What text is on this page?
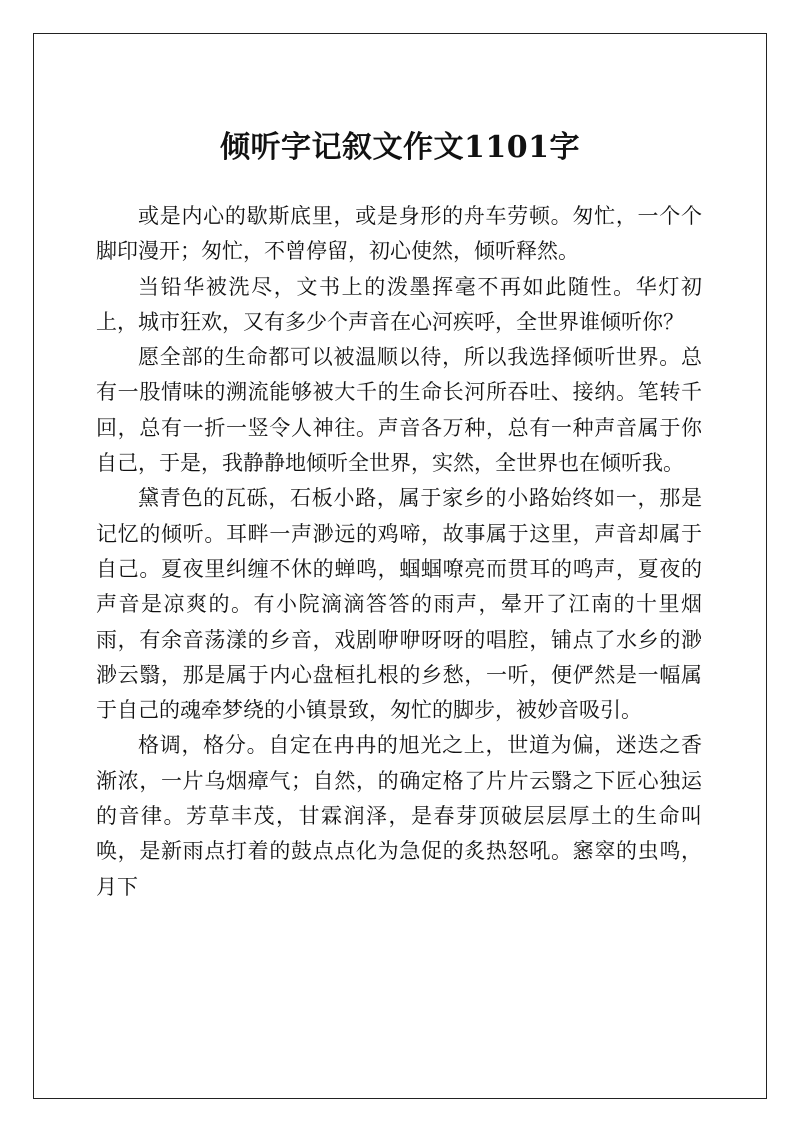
倾听字记叙文作文1101字

或是内心的歇斯底里，或是身形的舟车劳顿。匆忙，一个个脚印漫开；匆忙，不曾停留，初心使然，倾听释然。

当铅华被洗尽，文书上的泼墨挥毫不再如此随性。华灯初上，城市狂欢，又有多少个声音在心河疾呼，全世界谁倾听你？

愿全部的生命都可以被温顺以待，所以我选择倾听世界。总有一股情味的溯流能够被大千的生命长河所吞吐、接纳。笔转千回，总有一折一竖令人神往。声音各万种，总有一种声音属于你自己，于是，我静静地倾听全世界，实然，全世界也在倾听我。

黛青色的瓦砾，石板小路，属于家乡的小路始终如一，那是记忆的倾听。耳畔一声渺远的鸡啼，故事属于这里，声音却属于自己。夏夜里纠缠不休的蝉鸣，蝈蝈嘹亮而贯耳的鸣声，夏夜的声音是凉爽的。有小院滴滴答答的雨声，晕开了江南的十里烟雨，有余音荡漾的乡音，戏剧咿咿呀呀的唱腔，铺点了水乡的渺渺云翳，那是属于内心盘桓扎根的乡愁，一听，便俨然是一幅属于自己的魂牵梦绕的小镇景致，匆忙的脚步，被妙音吸引。

格调，格分。自定在冉冉的旭光之上，世道为偏，迷迭之香渐浓，一片乌烟瘴气；自然，的确定格了片片云翳之下匠心独运的音律。芳草丰茂，甘霖润泽，是春芽顶破层层厚土的生命叫唤，是新雨点打着的鼓点点化为急促的炙热怒吼。窸窣的虫鸣，月下
